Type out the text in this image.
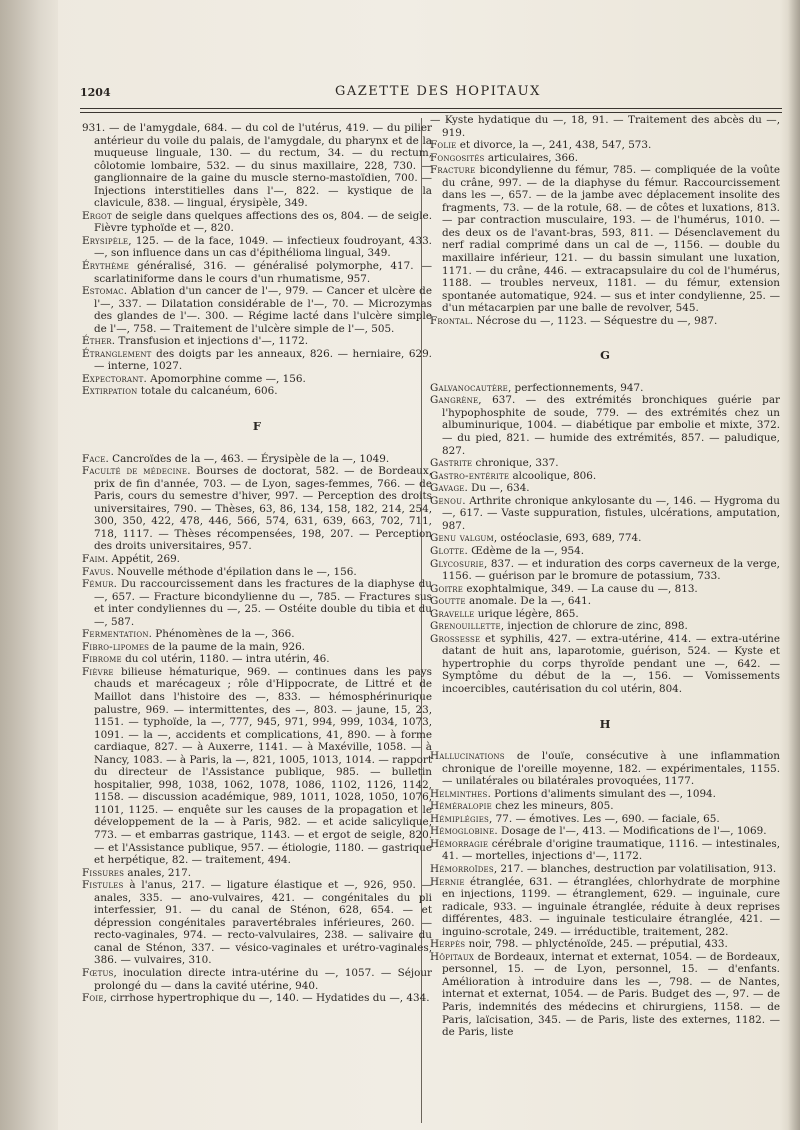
1204	GAZETTE DES HOPITAUX

931. — de l'amygdale, 684. — du col de l'utérus, 419. — du pilier antérieur du voile du palais, de l'amygdale, du pharynx et de la muqueuse linguale, 130. — du rectum, 34. — du rectum, côlotomie lombaire, 532. — du sinus maxillaire, 228, 730. — ganglionnaire de la gaine du muscle sterno-mastoïdien, 700. — Injections interstitielles dans l'—, 822. — kystique de la clavicule, 838. — lingual, érysipèle, 349.

Ergot de seigle dans quelques affections des os, 804. — de seigle. Fièvre typhoïde et —, 820.

Erysipèle, 125. — de la face, 1049. — infectieux foudroyant, 433. —, son influence dans un cas d'épithélioma lingual, 349.

Érythème généralisé, 316. — généralisé polymorphe, 417. — scarlatiniforme dans le cours d'un rhumatisme, 957.

Estomac. Ablation d'un cancer de l'—, 979. — Cancer et ulcère de l'—, 337. — Dilatation considérable de l'—, 70. — Microzymas des glandes de l'—. 300. — Régime lacté dans l'ulcère simple de l'—, 758. — Traitement de l'ulcère simple de l'—, 505.

Éther. Transfusion et injections d'—, 1172.

Étranglement des doigts par les anneaux, 826. — herniaire, 629. — interne, 1027.

Expectorant. Apomorphine comme —, 156.

Extirpation totale du calcanéum, 606.

F

Face. Cancroïdes de la —, 463. — Érysipèle de la —, 1049.

Faculté de médecine. Bourses de doctorat, 582. — de Bordeaux, prix de fin d'année, 703. — de Lyon, sages-femmes, 766. — de Paris, cours du semestre d'hiver, 997. — Perception des droits universitaires, 790. — Thèses, 63, 86, 134, 158, 182, 214, 254, 300, 350, 422, 478, 446, 566, 574, 631, 639, 663, 702, 711, 718, 1117. — Thèses récompensées, 198, 207. — Perception des droits universitaires, 957.

Faim. Appétit, 269.

Favus. Nouvelle méthode d'épilation dans le —, 156.

Fémur. Du raccourcissement dans les fractures de la diaphyse du —, 657. — Fracture bicondylienne du —, 785. — Fractures sus et inter condyliennes du —, 25. — Ostéite double du tibia et du —, 587.

Fermentation. Phénomènes de la —, 366.

Fibro-lipomes de la paume de la main, 926.

Fibrome du col utérin, 1180. — intra utérin, 46.

Fièvre bilieuse hématurique, 969. — continues dans les pays chauds et marécageux ; rôle d'Hippocrate, de Littré et de Maillot dans l'histoire des —, 833. — hémosphérinurique palustre, 969. — intermittentes, des —, 803. — jaune, 15, 23, 1151. — typhoïde, la —, 777, 945, 971, 994, 999, 1034, 1073, 1091. — la —, accidents et complications, 41, 890. — à forme cardiaque, 827. — à Auxerre, 1141. — à Maxéville, 1058. — à Nancy, 1083. — à Paris, la —, 821, 1005, 1013, 1014. — rapport du directeur de l'Assistance publique, 985. — bulletin hospitalier, 998, 1038, 1062, 1078, 1086, 1102, 1126, 1142, 1158. — discussion académique, 989, 1011, 1028, 1050, 1076, 1101, 1125. — enquête sur les causes de la propagation et le développement de la — à Paris, 982. — et acide salicylique, 773. — et embarras gastrique, 1143. — et ergot de seigle, 820. — et l'Assistance publique, 957. — étiologie, 1180. — gastrique et herpétique, 82. — traitement, 494.

Fissures anales, 217.

Fistules à l'anus, 217. — ligature élastique et —, 926, 950. — anales, 335. — ano-vulvaires, 421. — congénitales du pli interfessier, 91. — du canal de Sténon, 628, 654. — et dépression congénitales paravertébrales inférieures, 260. — recto-vaginales, 974. — recto-valvulaires, 238. — salivaire du canal de Sténon, 337. — vésico-vaginales et urétro-vaginales, 386. — vulvaires, 310.

Fœtus, inoculation directe intra-utérine du —, 1057. — Séjour prolongé du — dans la cavité utérine, 940.

Foie, cirrhose hypertrophique du —, 140. — Hydatides du —, 434.

— Kyste hydatique du —, 18, 91. — Traitement des abcès du —, 919.

Folie et divorce, la —, 241, 438, 547, 573.

Fongosités articulaires, 366.

Fracture bicondylienne du fémur, 785. — compliquée de la voûte du crâne, 997. — de la diaphyse du fémur. Raccourcissement dans les —, 657. — de la jambe avec déplacement insolite des fragments, 73. — de la rotule, 68. — de côtes et luxations, 813. — par contraction musculaire, 193. — de l'humérus, 1010. — des deux os de l'avant-bras, 593, 811. — Désenclavement du nerf radial comprimé dans un cal de —, 1156. — double du maxillaire inférieur, 121. — du bassin simulant une luxation, 1171. — du crâne, 446. — extracapsulaire du col de l'humérus, 1188. — troubles nerveux, 1181. — du fémur, extension spontanée automatique, 924. — sus et inter condylienne, 25. — d'un métacarpien par une balle de revolver, 545.

Frontal. Nécrose du —, 1123. — Séquestre du —, 987.

G

Galvanocautère, perfectionnements, 947.

Gangrène, 637. — des extrémités bronchiques guérie par l'hypophosphite de soude, 779. — des extrémités chez un albuminurique, 1004. — diabétique par embolie et mixte, 372. — du pied, 821. — humide des extrémités, 857. — paludique, 827.

Gastrite chronique, 337.

Gastro-entérite alcoolique, 806.

Gavage. Du —, 634.

Genou. Arthrite chronique ankylosante du —, 146. — Hygroma du —, 617. — Vaste suppuration, fistules, ulcérations, amputation, 987.

Genu valgum, ostéoclasie, 693, 689, 774.

Glotte. Œdème de la —, 954.

Glycosurie, 837. — et induration des corps caverneux de la verge, 1156. — guérison par le bromure de potassium, 733.

Goitre exophtalmique, 349. — La cause du —, 813.

Goutte anomale. De la —, 641.

Gravelle urique légère, 865.

Grenouillette, injection de chlorure de zinc, 898.

Grossesse et syphilis, 427. — extra-utérine, 414. — extra-utérine datant de huit ans, laparotomie, guérison, 524. — Kyste et hypertrophie du corps thyroïde pendant une —, 642. — Symptôme du début de la —, 156. — Vomissements incoercibles, cautérisation du col utérin, 804.

H

Hallucinations de l'ouïe, consécutive à une inflammation chronique de l'oreille moyenne, 182. — expérimentales, 1155. — unilatérales ou bilatérales provoquées, 1177.

Helminthes. Portions d'aliments simulant des —, 1094.

Héméralopie chez les mineurs, 805.

Hémiplégies, 77. — émotives. Les —, 690. — faciale, 65.

Hémoglobine. Dosage de l'—, 413. — Modifications de l'—, 1069.

Hémorragie cérébrale d'origine traumatique, 1116. — intestinales, 41. — mortelles, injections d'—, 1172.

Hémorroïdes, 217. — blanches, destruction par volatilisation, 913.

Hernie étranglée, 631. — étranglées, chlorhydrate de morphine en injections, 1199. — étranglement, 629. — inguinale, cure radicale, 933. — inguinale étranglée, réduite à deux reprises différentes, 483. — inguinale testiculaire étranglée, 421. — inguino-scrotale, 249. — irréductible, traitement, 282.

Herpès noir, 798. — phlycténoïde, 245. — préputial, 433.

Hôpitaux de Bordeaux, internat et externat, 1054. — de Bordeaux, personnel, 15. — de Lyon, personnel, 15. — d'enfants. Amélioration à introduire dans les —, 798. — de Nantes, internat et externat, 1054. — de Paris. Budget des —, 97. — de Paris, indemnités des médecins et chirurgiens, 1158. — de Paris, laïcisation, 345. — de Paris, liste des externes, 1182. — de Paris, liste
